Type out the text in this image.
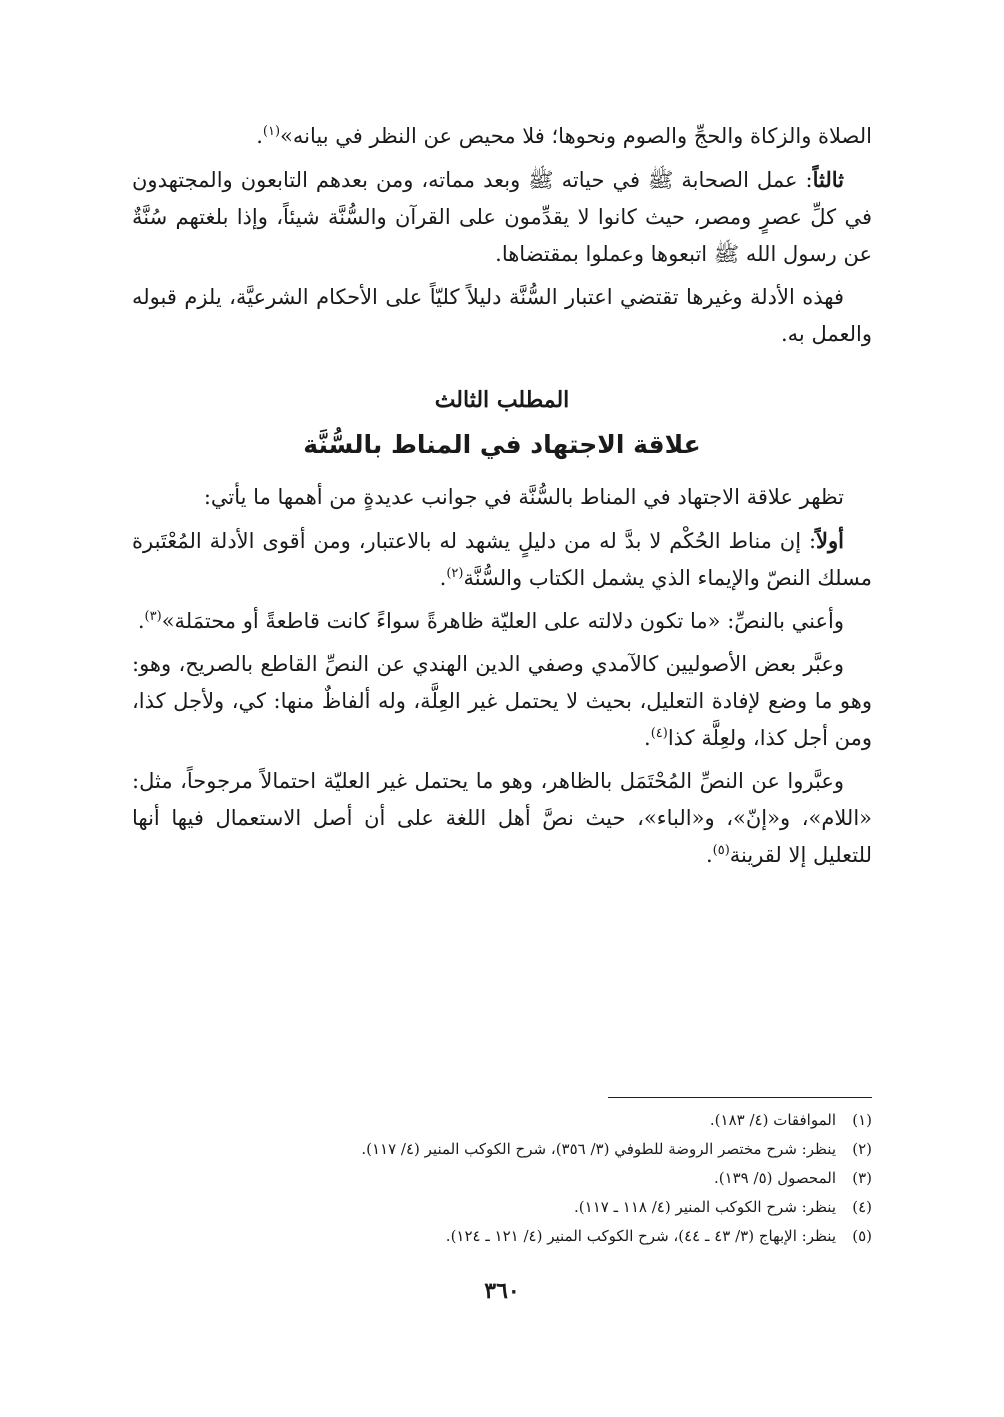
الصلاة والزكاة والحجِّ والصوم ونحوها؛ فلا محيص عن النظر في بيانه»$^{(١)}$.

ثالثاً: عمل الصحابة ﷺ في حياته ﷺ وبعد مماته، ومن بعدهم التابعون والمجتهدون في كلِّ عصرٍ ومصر، حيث كانوا لا يقدِّمون على القرآن والسُّنَّة شيئاً، وإذا بلغتهم سُنَّةٌ عن رسول الله ﷺ اتبعوها وعملوا بمقتضاها.

فهذه الأدلة وغيرها تقتضي اعتبار السُّنَّة دليلاً كليّاً على الأحكام الشرعيَّة، يلزم قبوله والعمل به.

المطلب الثالث
علاقة الاجتهاد في المناط بالسُّنَّة

تظهر علاقة الاجتهاد في المناط بالسُّنَّة في جوانب عديدةٍ من أهمها ما يأتي:

أولاً: إن مناط الحُكْم لا بدَّ له من دليلٍ يشهد له بالاعتبار، ومن أقوى الأدلة المُعْتَبرة مسلك النصّ والإيماء الذي يشمل الكتاب والسُّنَّة$^{(٢)}$.

وأعني بالنصِّ: «ما تكون دلالته على العليّة ظاهرةً سواءً كانت قاطعةً أو محتمَلة»$^{(٣)}$.

وعبَّر بعض الأصوليين كالآمدي وصفي الدين الهندي عن النصِّ القاطع بالصريح، وهو: وهو ما وضع لإفادة التعليل، بحيث لا يحتمل غير العِلَّة، وله ألفاظٌ منها: كي، ولأجل كذا، ومن أجل كذا، ولعِلَّة كذا$^{(٤)}$.

وعبَّروا عن النصِّ المُحْتَمَل بالظاهر، وهو ما يحتمل غير العليّة احتمالاً مرجوحاً، مثل: «اللام»، و«إنّ»، و«الباء»، حيث نصَّ أهل اللغة على أن أصل الاستعمال فيها أنها للتعليل إلا لقرينة$^{(٥)}$.

(١)
الموافقات (٤/ ١٨٣).
(٢)
ينظر: شرح مختصر الروضة للطوفي (٣/ ٣٥٦)، شرح الكوكب المنير (٤/ ١١٧).
(٣)
المحصول (٥/ ١٣٩).
(٤)
ينظر: شرح الكوكب المنير (٤/ ١١٨ ـ ١١٧).
(٥)
ينظر: الإبهاج (٣/ ٤٣ ـ ٤٤)، شرح الكوكب المنير (٤/ ١٢١ ـ ١٢٤).
٣٦٠
